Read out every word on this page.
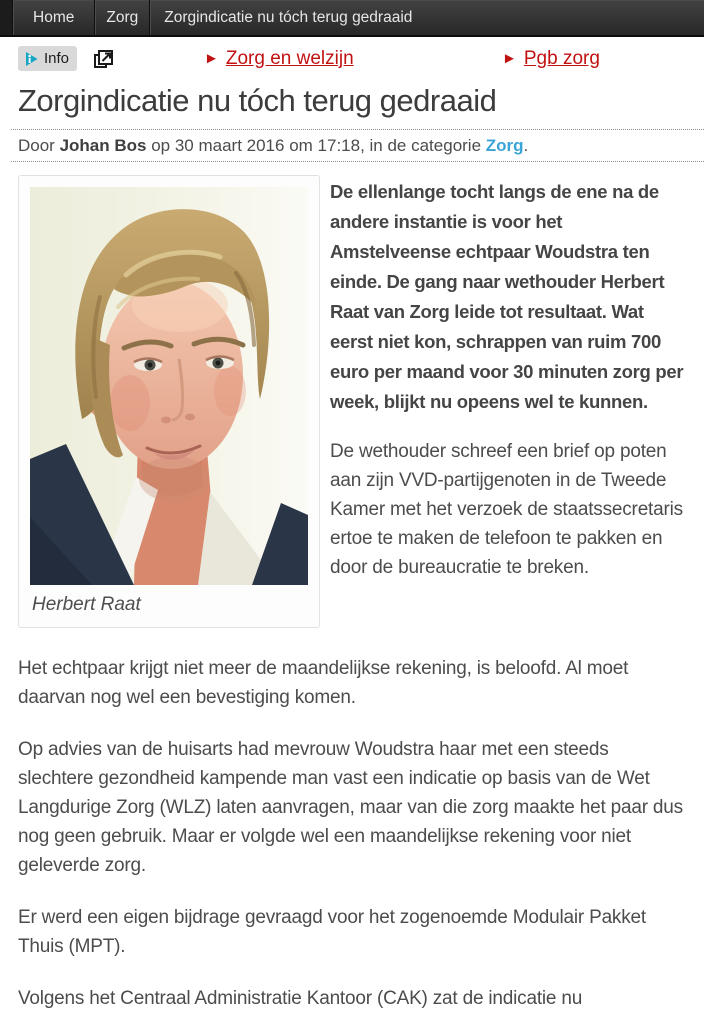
Home Zorg Zorgindicatie nu tóch terug gedraaid
Info	► Zorg en welzijn	► Pgb zorg
Zorgindicatie nu tóch terug gedraaid

Door Johan Bos op 30 maart 2016 om 17:18, in de categorie Zorg.

Herbert Raat

De ellenlange tocht langs de ene na de andere instantie is voor het Amstelveense echtpaar Woudstra ten einde. De gang naar wethouder Herbert Raat van Zorg leide tot resultaat. Wat eerst niet kon, schrappen van ruim 700 euro per maand voor 30 minuten zorg per week, blijkt nu opeens wel te kunnen.

De wethouder schreef een brief op poten aan zijn VVD-partijgenoten in de Tweede Kamer met het verzoek de staatssecretaris ertoe te maken de telefoon te pakken en door de bureaucratie te breken.

Het echtpaar krijgt niet meer de maandelijkse rekening, is beloofd. Al moet daarvan nog wel een bevestiging komen.

Op advies van de huisarts had mevrouw Woudstra haar met een steeds slechtere gezondheid kampende man vast een indicatie op basis van de Wet Langdurige Zorg (WLZ) laten aanvragen, maar van die zorg maakte het paar dus nog geen gebruik. Maar er volgde wel een maandelijkse rekening voor niet geleverde zorg.

Er werd een eigen bijdrage gevraagd voor het zogenoemde Modulair Pakket Thuis (MPT).

Volgens het Centraal Administratie Kantoor (CAK) zat de indicatie nu
